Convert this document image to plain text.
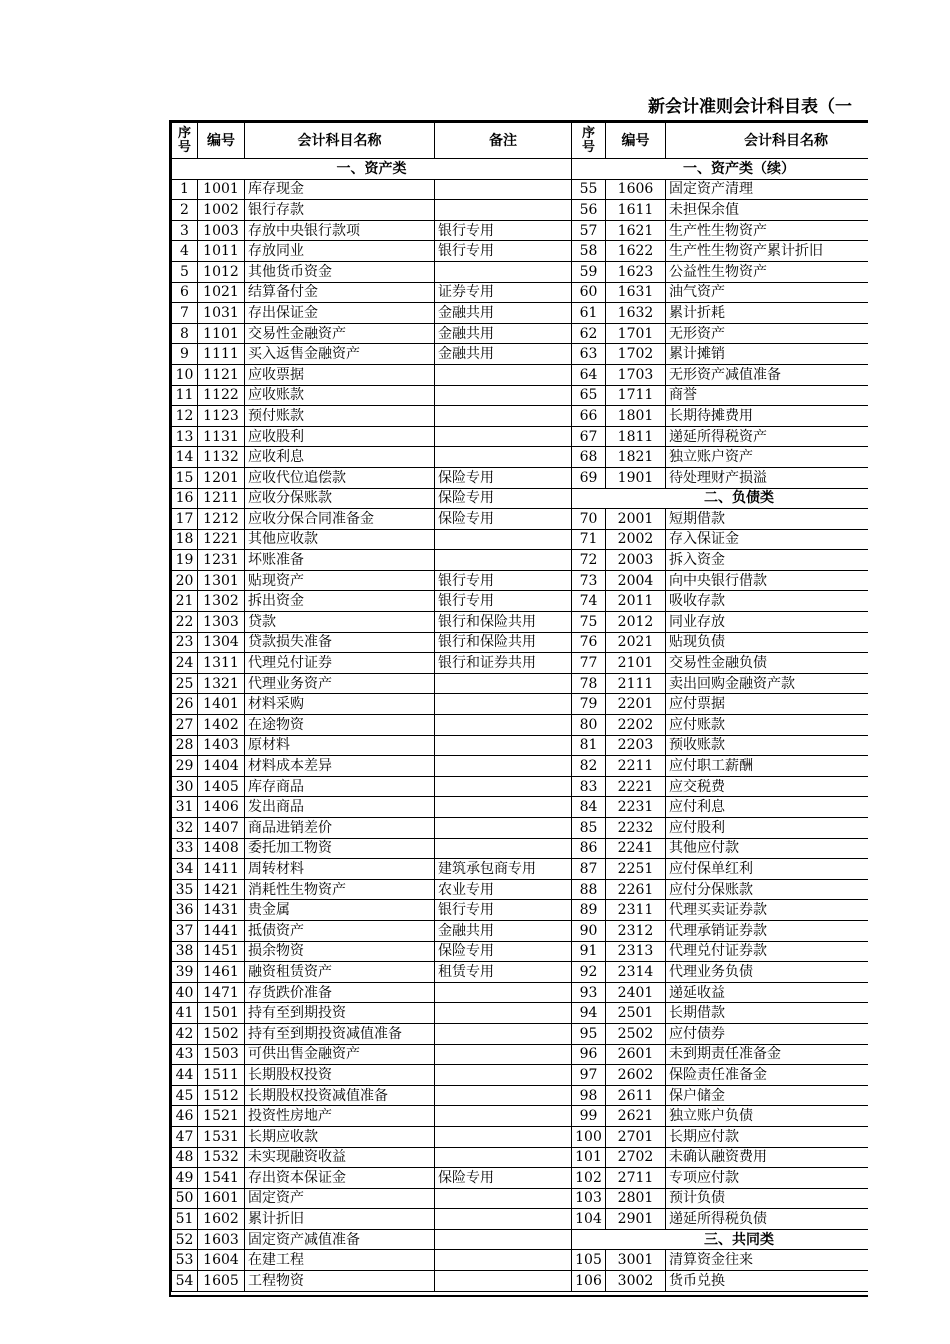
新会计准则会计科目表（一
序号	编号	会计科目名称	备注	序号	编号	会计科目名称
一、资产类				一、资产类（续）		
1	1001	库存现金		55	1606	固定资产清理
2	1002	银行存款		56	1611	未担保余值
3	1003	存放中央银行款项	银行专用	57	1621	生产性生物资产
4	1011	存放同业	银行专用	58	1622	生产性生物资产累计折旧
5	1012	其他货币资金		59	1623	公益性生物资产
6	1021	结算备付金	证券专用	60	1631	油气资产
7	1031	存出保证金	金融共用	61	1632	累计折耗
8	1101	交易性金融资产	金融共用	62	1701	无形资产
9	1111	买入返售金融资产	金融共用	63	1702	累计摊销
10	1121	应收票据		64	1703	无形资产减值准备
11	1122	应收账款		65	1711	商誉
12	1123	预付账款		66	1801	长期待摊费用
13	1131	应收股利		67	1811	递延所得税资产
14	1132	应收利息		68	1821	独立账户资产
15	1201	应收代位追偿款	保险专用	69	1901	待处理财产损溢
16	1211	应收分保账款	保险专用	二、负债类		
17	1212	应收分保合同准备金	保险专用	70	2001	短期借款
18	1221	其他应收款		71	2002	存入保证金
19	1231	坏账准备		72	2003	拆入资金
20	1301	贴现资产	银行专用	73	2004	向中央银行借款
21	1302	拆出资金	银行专用	74	2011	吸收存款
22	1303	贷款	银行和保险共用	75	2012	同业存放
23	1304	贷款损失准备	银行和保险共用	76	2021	贴现负债
24	1311	代理兑付证券	银行和证券共用	77	2101	交易性金融负债
25	1321	代理业务资产		78	2111	卖出回购金融资产款
26	1401	材料采购		79	2201	应付票据
27	1402	在途物资		80	2202	应付账款
28	1403	原材料		81	2203	预收账款
29	1404	材料成本差异		82	2211	应付职工薪酬
30	1405	库存商品		83	2221	应交税费
31	1406	发出商品		84	2231	应付利息
32	1407	商品进销差价		85	2232	应付股利
33	1408	委托加工物资		86	2241	其他应付款
34	1411	周转材料	建筑承包商专用	87	2251	应付保单红利
35	1421	消耗性生物资产	农业专用	88	2261	应付分保账款
36	1431	贵金属	银行专用	89	2311	代理买卖证券款
37	1441	抵债资产	金融共用	90	2312	代理承销证券款
38	1451	损余物资	保险专用	91	2313	代理兑付证券款
39	1461	融资租赁资产	租赁专用	92	2314	代理业务负债
40	1471	存货跌价准备		93	2401	递延收益
41	1501	持有至到期投资		94	2501	长期借款
42	1502	持有至到期投资减值准备		95	2502	应付债券
43	1503	可供出售金融资产		96	2601	未到期责任准备金
44	1511	长期股权投资		97	2602	保险责任准备金
45	1512	长期股权投资减值准备		98	2611	保户储金
46	1521	投资性房地产		99	2621	独立账户负债
47	1531	长期应收款		100	2701	长期应付款
48	1532	未实现融资收益		101	2702	未确认融资费用
49	1541	存出资本保证金	保险专用	102	2711	专项应付款
50	1601	固定资产		103	2801	预计负债
51	1602	累计折旧		104	2901	递延所得税负债
52	1603	固定资产减值准备		三、共同类		
53	1604	在建工程		105	3001	清算资金往来
54	1605	工程物资		106	3002	货币兑换
